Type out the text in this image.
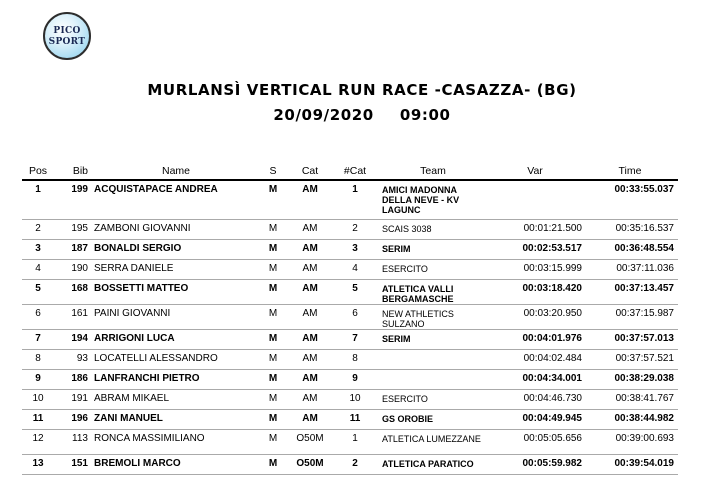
PICO
SPORT
MURLANSÌ VERTICAL RUN RACE -CASAZZA- (BG)
20/09/2020 09:00
Pos	Bib	Name	S	Cat	#Cat	Team	Var	Time

1	199	ACQUISTAPACE ANDREA	M	AM	1	AMICI MADONNA DELLA NEVE - KV LAGUNC		00:33:55.037

2	195	ZAMBONI GIOVANNI	M	AM	2	SCAIS 3038	00:01:21.500	00:35:16.537

3	187	BONALDI SERGIO	M	AM	3	SERIM	00:02:53.517	00:36:48.554

4	190	SERRA DANIELE	M	AM	4	ESERCITO	00:03:15.999	00:37:11.036

5	168	BOSSETTI MATTEO	M	AM	5	ATLETICA VALLI BERGAMASCHE	00:03:18.420	00:37:13.457

6	161	PAINI GIOVANNI	M	AM	6	NEW ATHLETICS SULZANO	00:03:20.950	00:37:15.987

7	194	ARRIGONI LUCA	M	AM	7	SERIM	00:04:01.976	00:37:57.013

8	93	LOCATELLI ALESSANDRO	M	AM	8		00:04:02.484	00:37:57.521

9	186	LANFRANCHI PIETRO	M	AM	9		00:04:34.001	00:38:29.038

10	191	ABRAM MIKAEL	M	AM	10	ESERCITO	00:04:46.730	00:38:41.767

11	196	ZANI MANUEL	M	AM	11	GS OROBIE	00:04:49.945	00:38:44.982

12	113	RONCA MASSIMILIANO	M	O50M	1	ATLETICA LUMEZZANE	00:05:05.656	00:39:00.693

13	151	BREMOLI MARCO	M	O50M	2	ATLETICA PARATICO	00:05:59.982	00:39:54.019
